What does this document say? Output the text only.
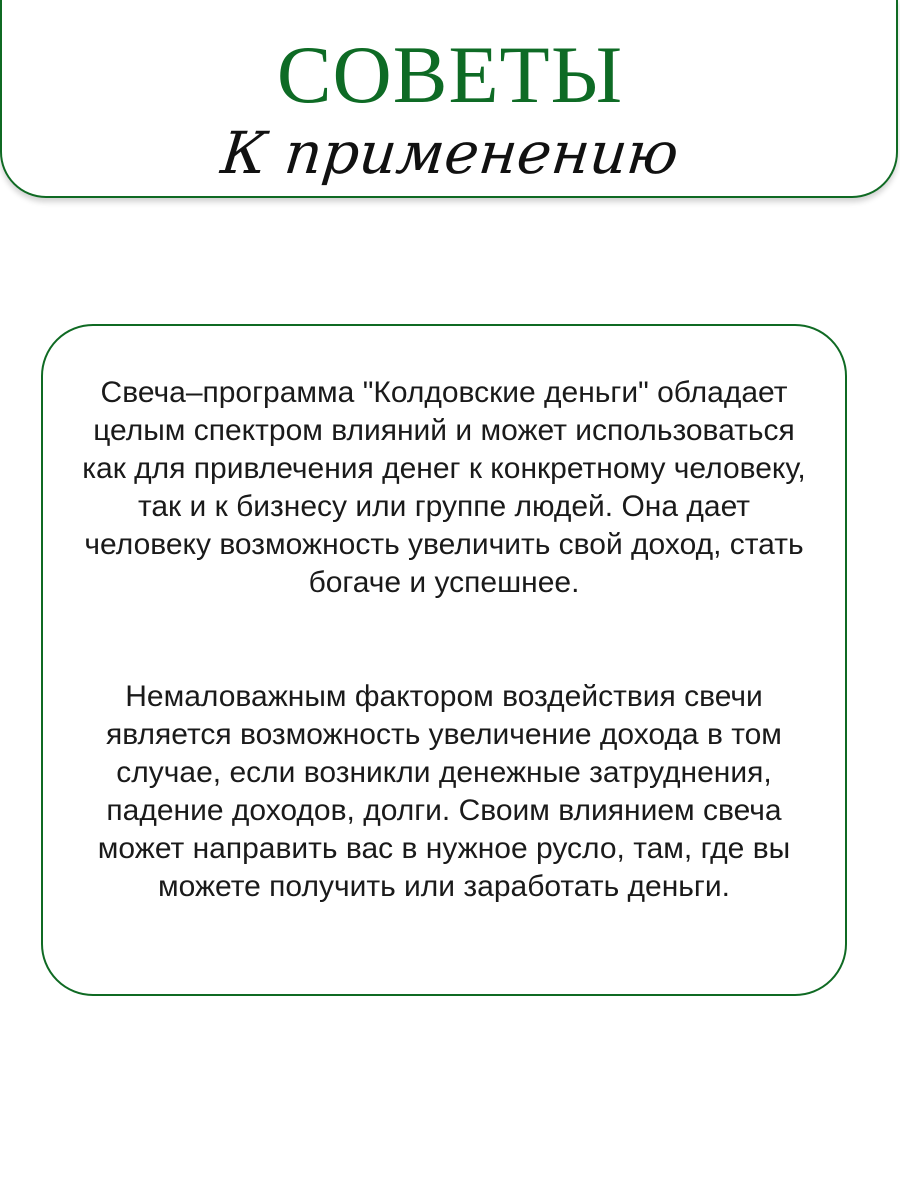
СОВЕТЫ
К применению

Свеча–программа "Колдовские деньги" обладает целым спектром влияний и может использоваться как для привлечения денег к конкретному человеку, так и к бизнесу или группе людей. Она дает человеку возможность увеличить свой доход, стать богаче и успешнее.

Немаловажным фактором воздействия свечи является возможность увеличение дохода в том случае, если возникли денежные затруднения, падение доходов, долги. Своим влиянием свеча может направить вас в нужное русло, там, где вы можете получить или заработать деньги.
